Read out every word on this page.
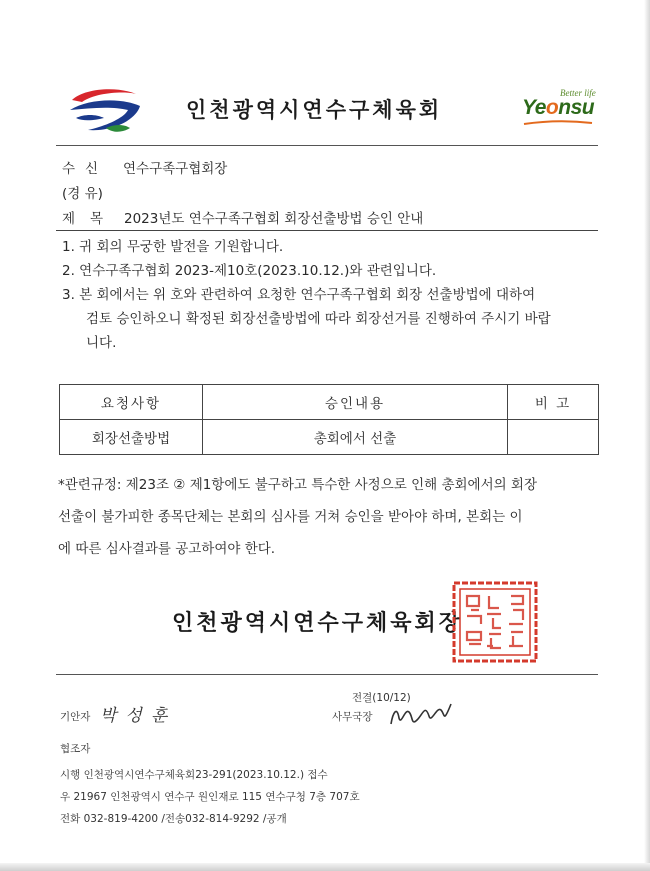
인천광역시연수구체육회
Better life
Yeonsu
수신 연수구족구협회장
(경 유)
제목 2023년도 연수구족구협회 회장선출방법 승인 안내
1. 귀 회의 무궁한 발전을 기원합니다.
2. 연수구족구협회 2023-제10호(2023.10.12.)와 관련입니다.
3. 본 회에서는 위 호와 관련하여 요청한 연수구족구협회 회장 선출방법에 대하여
검토 승인하오니 확정된 회장선출방법에 따라 회장선거를 진행하여 주시기 바랍
니다.
요청사항	승인내용	비 고
회장선출방법	총회에서 선출	
*관련규정: 제23조 ② 제1항에도 불구하고 특수한 사정으로 인해 총회에서의 회장
선출이 불가피한 종목단체는 본회의 심사를 거쳐 승인을 받아야 하며, 본회는 이
에 따른 심사결과를 공고하여야 한다.
인천광역시연수구체육회장
기안자 박성훈
전결(10/12)
사무국장
협조자
시행 인천광역시연수구체육회23-291(2023.10.12.) 접수
우 21967 인천광역시 연수구 원인재로 115 연수구청 7층 707호
전화 032-819-4200 /전송032-814-9292 /공개
